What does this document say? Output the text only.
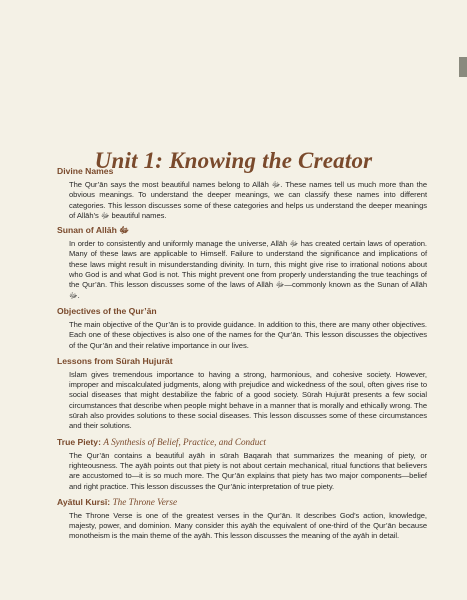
Unit 1: Knowing the Creator
Divine Names

The Qur’ān says the most beautiful names belong to Allāh ﷻ. These names tell us much more than the obvious meanings. To understand the deeper meanings, we can classify these names into different categories. This lesson discusses some of these categories and helps us understand the deeper meanings of Allāh’s ﷻ beautiful names.

Sunan of Allāh ﷻ

In order to consistently and uniformly manage the universe, Allāh ﷻ has created certain laws of operation. Many of these laws are applicable to Himself. Failure to understand the significance and implications of these laws might result in misunderstanding divinity. In turn, this might give rise to irrational notions about who God is and what God is not. This might prevent one from properly understanding the true teachings of the Qur’ān. This lesson discusses some of the laws of Allāh ﷻ—commonly known as the Sunan of Allāh ﷻ.

Objectives of the Qur’ān

The main objective of the Qur’ān is to provide guidance. In addition to this, there are many other objectives. Each one of these objectives is also one of the names for the Qur’ān. This lesson discusses the objectives of the Qur’ān and their relative importance in our lives.

Lessons from Sūrah Hujurāt

Islam gives tremendous importance to having a strong, harmonious, and cohesive society. However, improper and miscalculated judgments, along with prejudice and wickedness of the soul, often gives rise to social diseases that might destabilize the fabric of a good society. Sūrah Hujurāt presents a few social circumstances that describe when people might behave in a manner that is morally and ethically wrong. The sūrah also provides solutions to these social diseases. This lesson discusses some of these circumstances and their solutions.

True Piety: A Synthesis of Belief, Practice, and Conduct

The Qur’ān contains a beautiful ayāh in sūrah Baqarah that summarizes the meaning of piety, or righteousness. The ayāh points out that piety is not about certain mechanical, ritual functions that believers are accustomed to—it is so much more. The Qur’ān explains that piety has two major components—belief and right practice. This lesson discusses the Qur’ānic interpretation of true piety.

Ayātul Kursī: The Throne Verse

The Throne Verse is one of the greatest verses in the Qur’ān. It describes God’s action, knowledge, majesty, power, and dominion. Many consider this ayāh the equivalent of one-third of the Qur’ān because monotheism is the main theme of the ayāh. This lesson discusses the meaning of the ayāh in detail.
